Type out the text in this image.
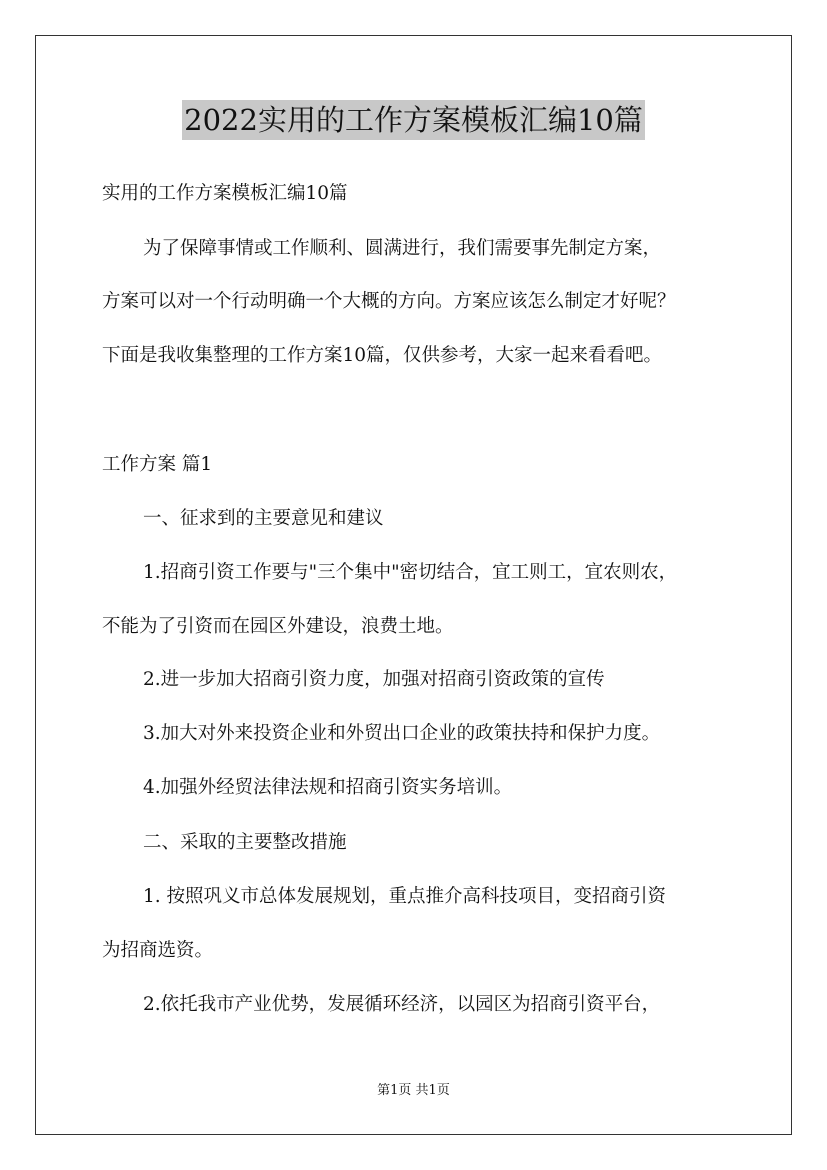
2022实用的工作方案模板汇编10篇
实用的工作方案模板汇编10篇
为了保障事情或工作顺利、圆满进行，我们需要事先制定方案，
方案可以对一个行动明确一个大概的方向。方案应该怎么制定才好呢？
下面是我收集整理的工作方案10篇，仅供参考，大家一起来看看吧。
工作方案 篇1
一、征求到的主要意见和建议
1.招商引资工作要与"三个集中"密切结合，宜工则工，宜农则农，
不能为了引资而在园区外建设，浪费土地。
2.进一步加大招商引资力度，加强对招商引资政策的宣传
3.加大对外来投资企业和外贸出口企业的政策扶持和保护力度。
4.加强外经贸法律法规和招商引资实务培训。
二、采取的主要整改措施
1. 按照巩义市总体发展规划，重点推介高科技项目，变招商引资
为招商选资。
2.依托我市产业优势，发展循环经济，以园区为招商引资平台，
第1页 共1页
